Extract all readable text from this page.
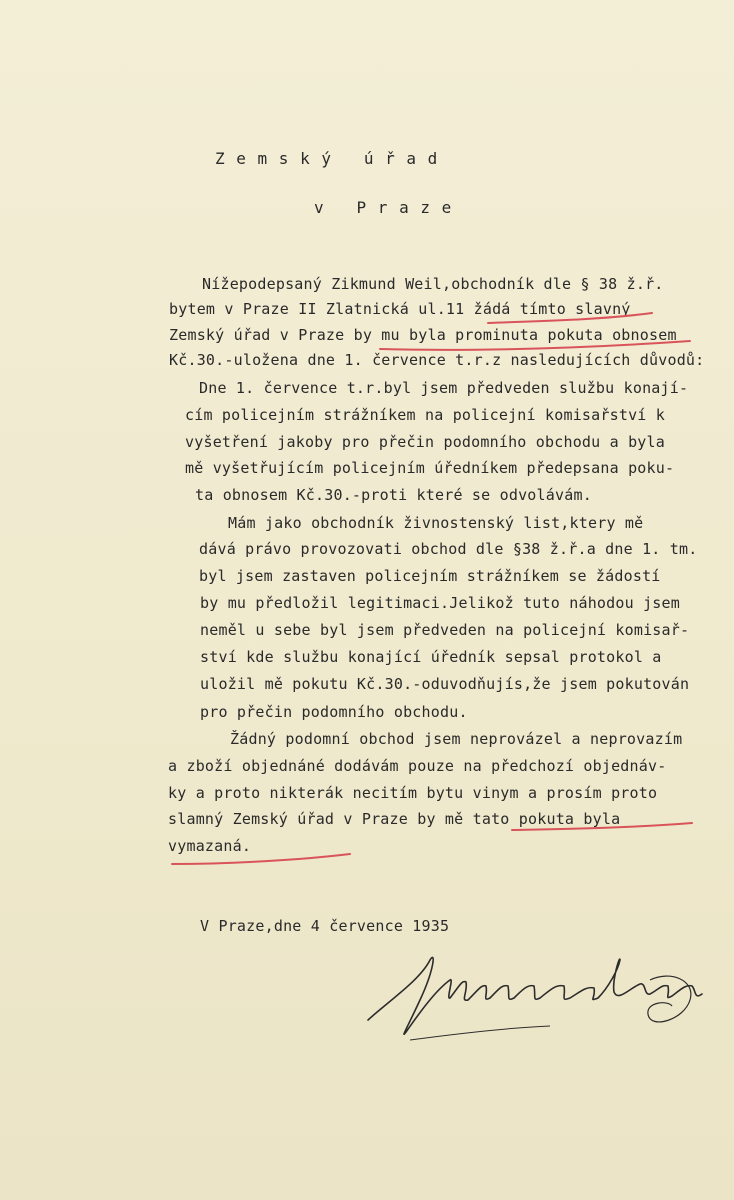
Z e m s k ý   ú ř a d
v   P r a z e
Nížepodepsaný Zikmund Weil,obchodník dle § 38 ž.ř.
bytem v Praze II Zlatnická ul.11 žádá tímto slavný
Zemský úřad v Praze by mu byla prominuta pokuta obnosem
Kč.30.-uložena dne 1. července t.r.z nasledujících důvodů:
Dne 1. července t.r.byl jsem předveden službu konají-
cím policejním strážníkem na policejní komisařství k
vyšetření jakoby pro přečin podomního obchodu a byla
mě vyšetřujícím policejním úředníkem předepsana poku-
ta obnosem Kč.30.-proti které se odvolávám.
Mám jako obchodník živnostenský list,ktery mě
dává právo provozovati obchod dle §38 ž.ř.a dne 1. tm.
byl jsem zastaven policejním strážníkem se žádostí
by mu předložil legitimaci.Jelikož tuto náhodou jsem
neměl u sebe byl jsem předveden na policejní komisař-
ství kde službu konající úředník sepsal protokol a
uložil mě pokutu Kč.30.-oduvodňujís,že jsem pokutován
pro přečin podomního obchodu.
Žádný podomní obchod jsem neprovázel a neprovazím
a zboží objednáné dodávám pouze na předchozí objednáv-
ky a proto nikterák necitím bytu vinym a prosím proto
slamný Zemský úřad v Praze by mě tato pokuta byla
vymazaná.
V Praze,dne 4 července 1935
